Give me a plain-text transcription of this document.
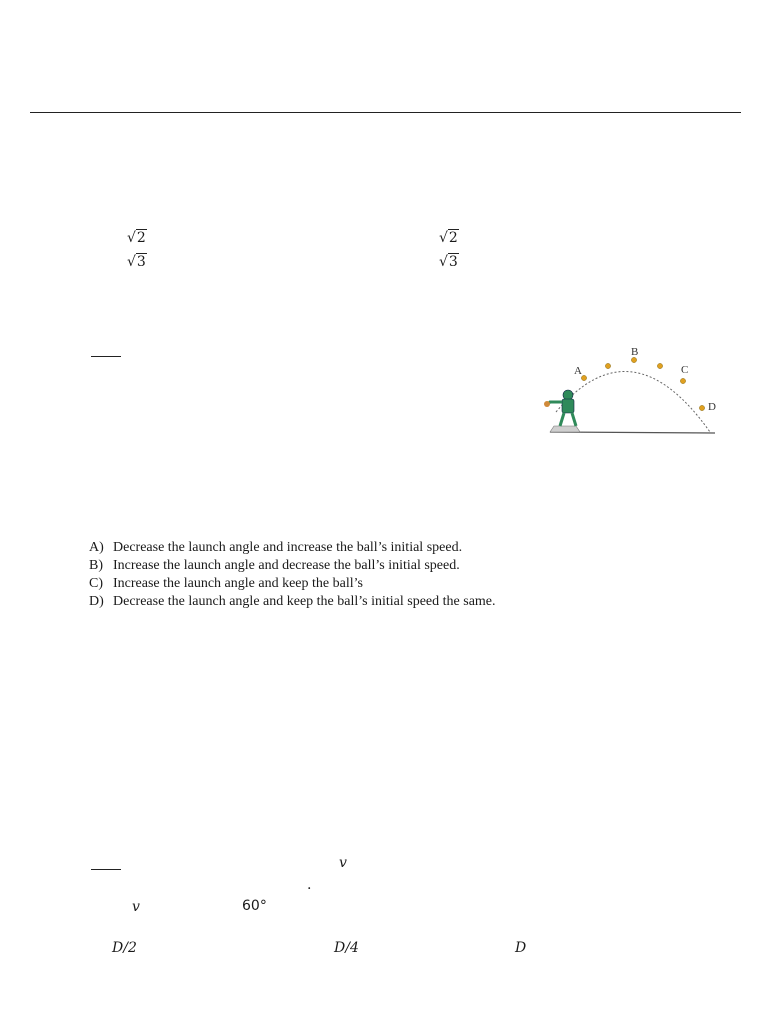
√2	√2
√3	√3
A
B
C
D
A) Decrease the launch angle and increase the ball’s initial speed.
B) Increase the launch angle and decrease the ball’s initial speed.
C) Increase the launch angle and keep the ball’s
D) Decrease the launch angle and keep the ball’s initial speed the same.
v
.
v	60°
D/2	D/4	D
